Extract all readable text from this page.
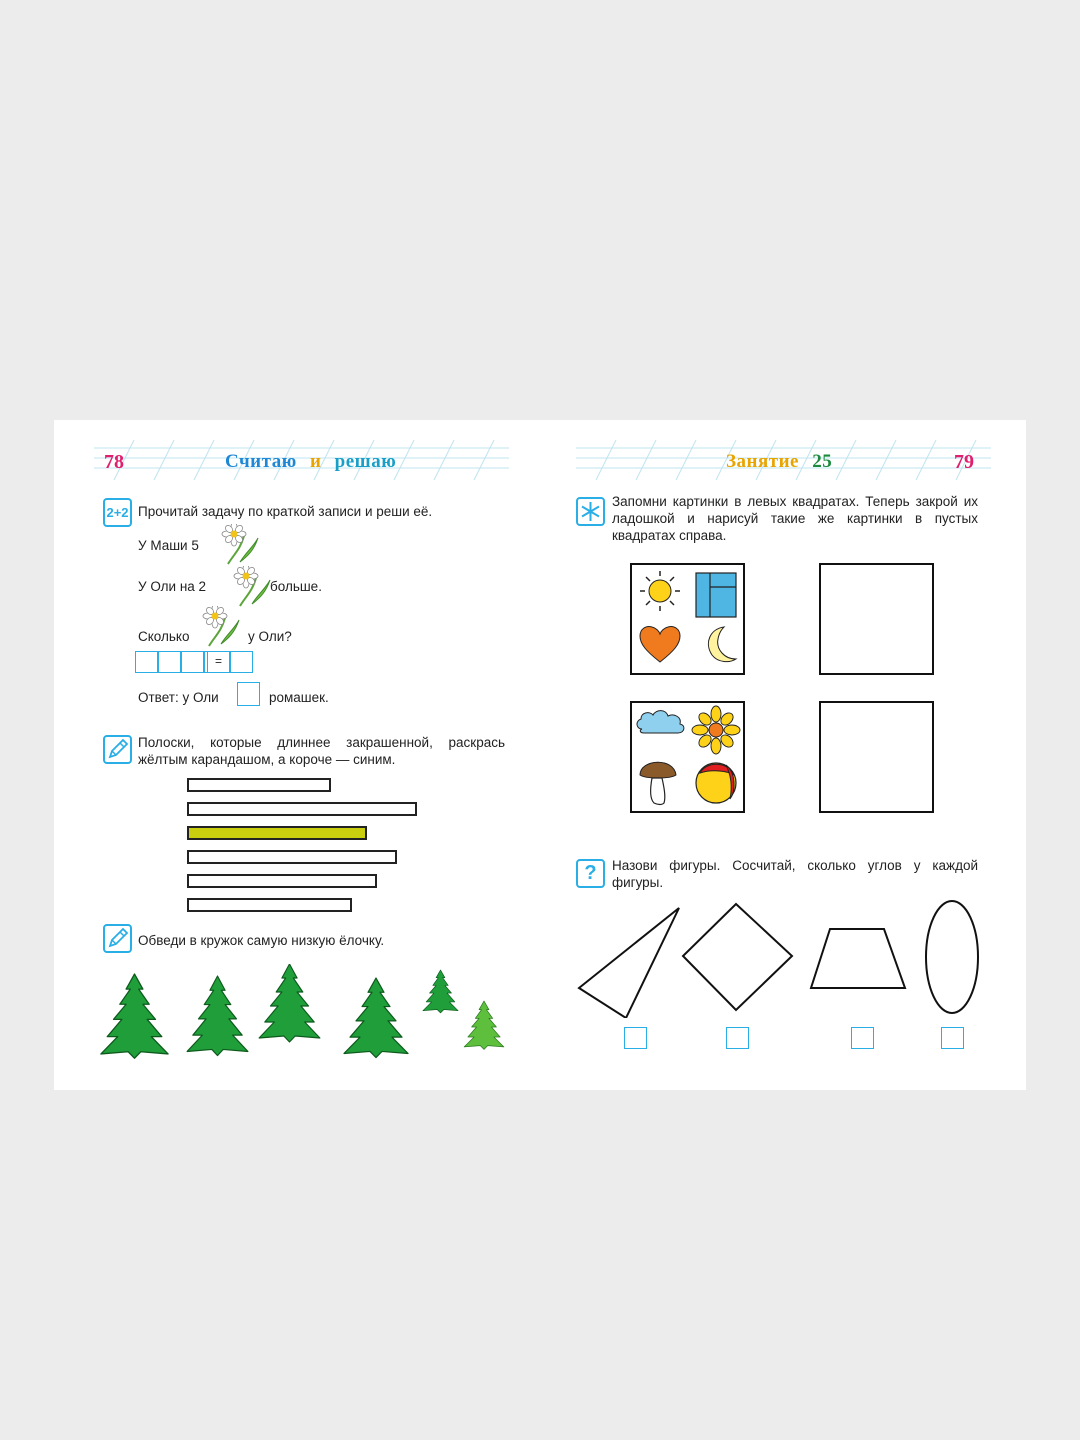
78	Считаю и решаю
2+2 Прочитай задачу по краткой записи и реши её.
У Маши 5
У Оли на 2	больше.
Сколько	у Оли?
=
Ответ: у Оли	ромашек.
Полоски, которые длиннее закрашенной, раскрась жёлтым карандашом, а короче — синим.
Обведи в кружок самую низкую ёлочку.
Занятие 25	79
Запомни картинки в левых квадратах. Теперь закрой их ладошкой и нарисуй такие же картинки в пустых квадратах справа.
?	Назови фигуры. Сосчитай, сколько углов у каждой фигуры.
